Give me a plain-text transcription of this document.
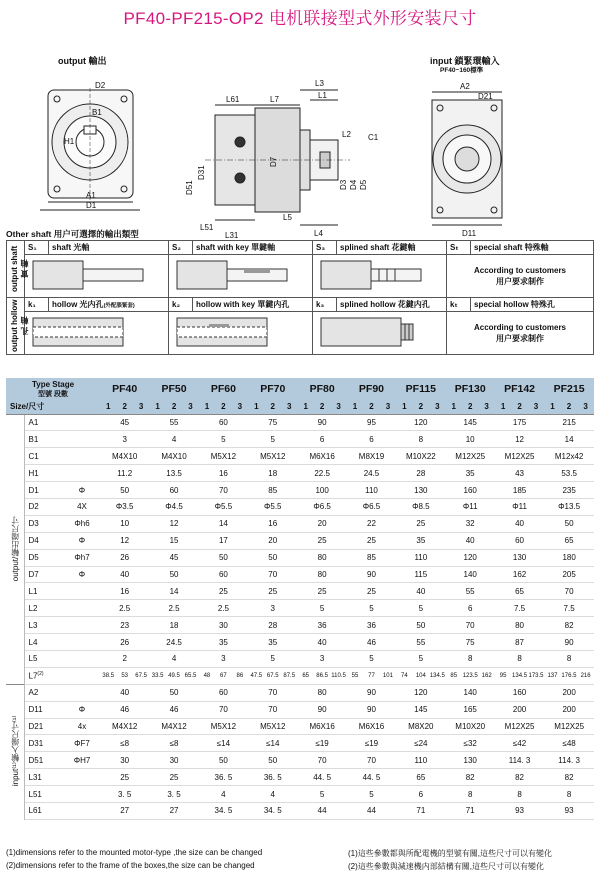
PF40-PF215-OP2 电机联接型式外形安装尺寸
output 輸出	input 鎖緊環輸入
PF40~160標準
D2
B1
H1
A1
D1
L61	L7
L3
L1
L2 C1
D51
D31
D7
D3 D4 D5
L51
L31
L5
L4
A2
D21
D11
Other shaft 用户可選擇的輸出類型
output shaft 實 軸	S₁	shaft 光軸	S₂	shaft with key 單鍵軸	S₃	splined shaft 花鍵軸	Sₜ	special shaft 特殊軸

According to customers
用户要求制作	

output hollow 孔 軸	k₁	hollow 光内孔(外配脹緊套)	k₂	hollow with key 單鍵内孔	k₃	splined hollow 花鍵内孔	kₜ	special hollow 特殊孔

According to customers
用户要求制作	
Type Stage
型號 段數			PF40			PF50			PF60			PF70			PF80			PF90			PF115			PF130			PF142			PF215		
Size/尺寸			1	2	3	1	2	3	1	2	3	1	2	3	1	2	3	1	2	3	1	2	3	1	2	3	1	2	3	1	2	3
output/輸出端尺寸	A1		45			55			60			75			90			95			120			145			175			215		
	B1		3			4			5			5			6			6			8			10			12			14		
	C1		M4X10			M4X10			M5X12			M5X12			M6X16			M8X19			M10X22			M12X25			M12X25			M12x42		
	H1		11.2			13.5			16			18			22.5			24.5			28			35			43			53.5		
	D1	Φ	50			60			70			85			100			110			130			160			185			235		
	D2	4X	Φ3.5			Φ4.5			Φ5.5			Φ5.5			Φ6.5			Φ6.5			Φ8.5			Φ11			Φ11			Φ13.5		
	D3	Φh6	10			12			14			16			20			22			25			32			40			50		
	D4	Φ	12			15			17			20			25			25			35			40			60			65		
	D5	Φh7	26			45			50			50			80			85			110			120			130			180		
	D7	Φ	40			50			60			70			80			90			115			140			162			205		
	L1		16			14			25			25			25			25			40			55			65			70		
	L2		2.5			2.5			2.5			3			5			5			5			6			7.5			7.5		
	L3		23			18			30			28			36			36			50			70			80			82		
	L4		26			24.5			35			35			40			46			55			75			87			90		
	L5		2			4			3			5			3			5			5			8			8			8		
	L7$^{(2)}$		38.5	53	67.5	33.5	49.5	65.5	48	67	86	47.5	67.5	87.5	65	86.5	110.5	55	77	101	74	104	134.5	85	123.5	162	95	134.5	173.5	137	176.5	216
input⁽¹⁾輸入端尺寸⁽¹⁾	A2		40			50			60			70			80			90			120			140			160			200		
	D11	Φ	46			46			70			70			90			90			145			165			200			200		
	D21	4x	M4X12			M4X12			M5X12			M5X12			M6X16			M6X16			M8X20			M10X20			M12X25			M12X25		
	D31	ΦF7	≤8			≤8			≤14			≤14			≤19			≤19			≤24			≤32			≤42			≤48		
	D51	ΦH7	30			30			50			50			70			70			110			130			114. 3			114. 3		
	L31		25			25			36. 5			36. 5			44. 5			44. 5			65			82			82			82		
	L51		3. 5			3. 5			4			4			5			5			6			8			8			8		
	L61		27			27			34. 5			34. 5			44			44			71			71			93			93		
(1)dimensions refer to the mounted motor-type ,the size can be changed
(2)dimensions refer to the frame of the boxes,the size can be changed
(1)這些參數都與所配電機的型號有關,這些尺寸可以有變化
(2)這些參數與減速機内部結構有關,這些尺寸可以有變化
